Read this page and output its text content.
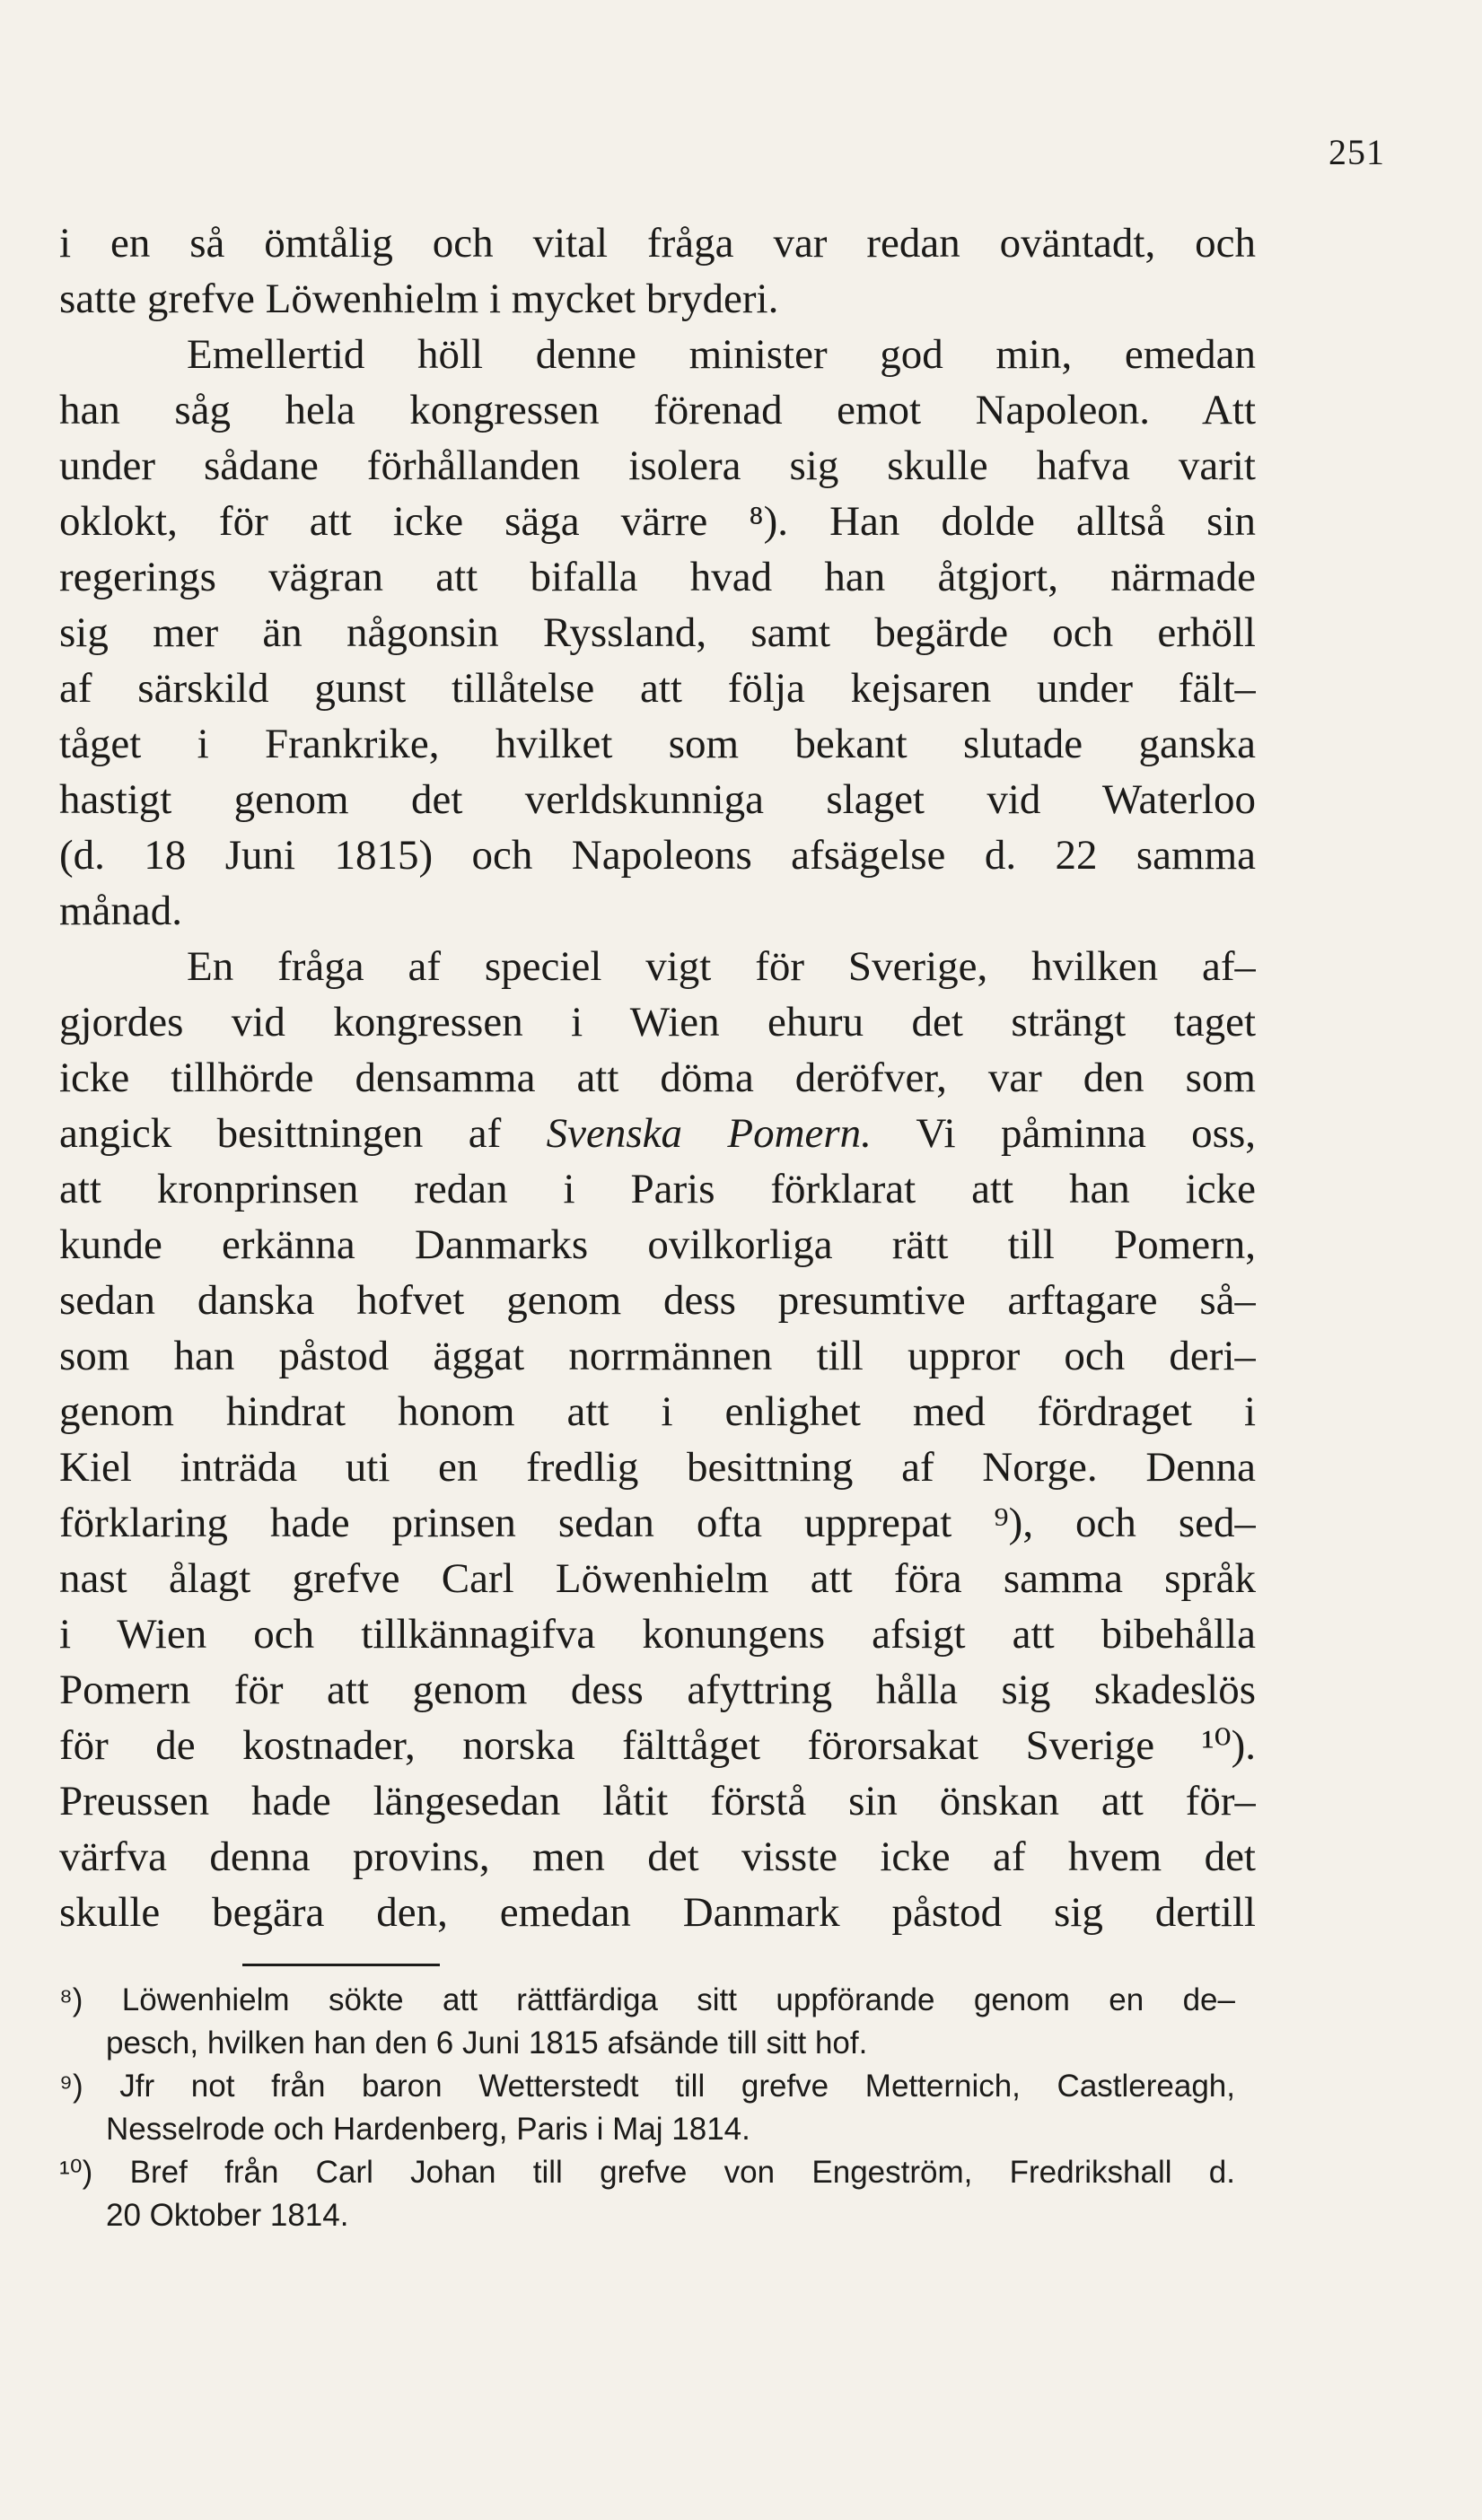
251
i en så ömtålig och vital fråga var redan oväntadt, och
satte grefve Löwenhielm i mycket bryderi.
Emellertid höll denne minister god min, emedan
han såg hela kongressen förenad emot Napoleon. Att
under sådane förhållanden isolera sig skulle hafva varit
oklokt, för att icke säga värre ⁸). Han dolde alltså sin
regerings vägran att bifalla hvad han åtgjort, närmade
sig mer än någonsin Ryssland, samt begärde och erhöll
af särskild gunst tillåtelse att följa kejsaren under fält–
tåget i Frankrike, hvilket som bekant slutade ganska
hastigt genom det verldskunniga slaget vid Waterloo
(d. 18 Juni 1815) och Napoleons afsägelse d. 22 samma
månad.
En fråga af speciel vigt för Sverige, hvilken af–
gjordes vid kongressen i Wien ehuru det strängt taget
icke tillhörde densamma att döma deröfver, var den som
angick besittningen af Svenska Pomern. Vi påminna oss,
att kronprinsen redan i Paris förklarat att han icke
kunde erkänna Danmarks ovilkorliga rätt till Pomern,
sedan danska hofvet genom dess presumtive arftagare så–
som han påstod äggat norrmännen till uppror och deri–
genom hindrat honom att i enlighet med fördraget i
Kiel inträda uti en fredlig besittning af Norge. Denna
förklaring hade prinsen sedan ofta upprepat ⁹), och sed–
nast ålagt grefve Carl Löwenhielm att föra samma språk
i Wien och tillkännagifva konungens afsigt att bibehålla
Pomern för att genom dess afyttring hålla sig skadeslös
för de kostnader, norska fälttåget förorsakat Sverige ¹⁰).
Preussen hade längesedan låtit förstå sin önskan att för–
värfva denna provins, men det visste icke af hvem det
skulle begära den, emedan Danmark påstod sig dertill
⁸) Löwenhielm sökte att rättfärdiga sitt uppförande genom en de–
pesch, hvilken han den 6 Juni 1815 afsände till sitt hof.
⁹) Jfr not från baron Wetterstedt till grefve Metternich, Castlereagh,
Nesselrode och Hardenberg, Paris i Maj 1814.
¹⁰) Bref från Carl Johan till grefve von Engeström, Fredrikshall d.
20 Oktober 1814.
